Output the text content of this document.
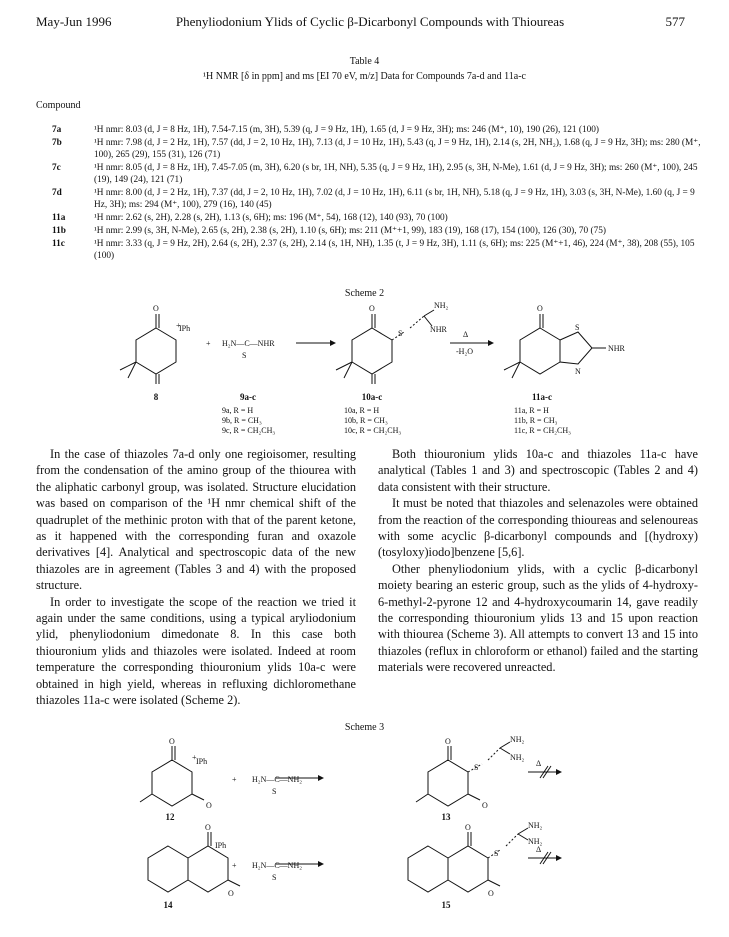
May-Jun 1996	Phenyliodonium Ylids of Cyclic β-Dicarbonyl Compounds with Thioureas	577
Table 4
¹H NMR [δ in ppm] and ms [EI 70 eV, m/z] Data for Compounds 7a-d and 11a-c
Compound
7a	¹H nmr: 8.03 (d, J = 8 Hz, 1H), 7.54-7.15 (m, 3H), 5.39 (q, J = 9 Hz, 1H), 1.65 (d, J = 9 Hz, 3H); ms: 246 (M⁺, 10), 190 (26), 121 (100)
7b	¹H nmr: 7.98 (d, J = 2 Hz, 1H), 7.57 (dd, J = 2, 10 Hz, 1H), 7.13 (d, J = 10 Hz, 1H), 5.43 (q, J = 9 Hz, 1H), 2.14 (s, 2H, NH₂), 1.68 (q, J = 9 Hz, 3H); ms: 280 (M⁺, 100), 265 (29), 155 (31), 126 (71)
7c	¹H nmr: 8.05 (d, J = 8 Hz, 1H), 7.45-7.05 (m, 3H), 6.20 (s br, 1H, NH), 5.35 (q, J = 9 Hz, 1H), 2.95 (s, 3H, N-Me), 1.61 (d, J = 9 Hz, 3H); ms: 260 (M⁺, 100), 245 (19), 149 (24), 121 (71)
7d	¹H nmr: 8.00 (d, J = 2 Hz, 1H), 7.37 (dd, J = 2, 10 Hz, 1H), 7.02 (d, J = 10 Hz, 1H), 6.11 (s br, 1H, NH), 5.18 (q, J = 9 Hz, 1H), 3.03 (s, 3H, N-Me), 1.60 (q, J = 9 Hz, 3H); ms: 294 (M⁺, 100), 279 (16), 140 (45)
11a	¹H nmr: 2.62 (s, 2H), 2.28 (s, 2H), 1.13 (s, 6H); ms: 196 (M⁺, 54), 168 (12), 140 (93), 70 (100)
11b	¹H nmr: 2.99 (s, 3H, N-Me), 2.65 (s, 2H), 2.38 (s, 2H), 1.10 (s, 6H); ms: 211 (M⁺+1, 99), 183 (19), 168 (17), 154 (100), 126 (30), 70 (75)
11c	¹H nmr: 3.33 (q, J = 9 Hz, 2H), 2.64 (s, 2H), 2.37 (s, 2H), 2.14 (s, 1H, NH), 1.35 (t, J = 9 Hz, 3H), 1.11 (s, 6H); ms: 225 (M⁺+1, 46), 224 (M⁺, 38), 208 (55), 105 (100)
Scheme 2
O
IPh
+
H₂N—C—NHR
S
+
O
S
NH₂
NHR
Δ
-H₂O
O
S
N
NHR
8	9a-c	10a-c	11a-c
9a, R = H
9b, R = CH₃
9c, R = CH₂CH₃
10a, R = H
10b, R = CH₃
10c, R = CH₂CH₃
11a, R = H
11b, R = CH₃
11c, R = CH₂CH₃

In the case of thiazoles 7a-d only one regioisomer, resulting from the condensation of the amino group of the thiourea with the aliphatic carbonyl group, was isolated. Structure elucidation was based on comparison of the ¹H nmr chemical shift of the quadruplet of the methinic proton with that of the parent ketone, as it happened with the corresponding furan and oxazole derivatives [4]. Analytical and spectroscopic data of the new thiazoles are in agreement (Tables 3 and 4) with the proposed structure.

In order to investigate the scope of the reaction we tried it again under the same conditions, using a typical aryliodonium ylid, phenyliodonium dimedonate 8. In this case both thiouronium ylids and thiazoles were isolated. Indeed at room temperature the corresponding thiouronium ylids 10a-c were obtained in high yield, whereas in refluxing dichloromethane thiazoles 11a-c were isolated (Scheme 2).

Both thiouronium ylids 10a-c and thiazoles 11a-c have analytical (Tables 1 and 3) and spectroscopic (Tables 2 and 4) data consistent with their structure.

It must be noted that thiazoles and selenazoles were obtained from the reaction of the corresponding thioureas and selenoureas with some acyclic β-dicarbonyl compounds and [(hydroxy)(tosyloxy)iodo]benzene [5,6].

Other phenyliodonium ylids, with a cyclic β-dicarbonyl moiety bearing an esteric group, such as the ylids of 4-hydroxy-6-methyl-2-pyrone 12 and 4-hydroxycoumarin 14, gave readily the corresponding thiouronium ylids 13 and 15 upon reaction with thiourea (Scheme 3). All attempts to convert 13 and 15 into thiazoles (reflux in chloroform or ethanol) failed and the starting materials were recovered unreacted.

Scheme 3
O
IPh
+
O
+ H₂N—C—NH₂
S
O
O
S
NH₂
NH₂
Δ
O
IPh
O
+ H₂N—C—NH₂
S
O
O
S
NH₂
NH₂
Δ
12	13
14	15
